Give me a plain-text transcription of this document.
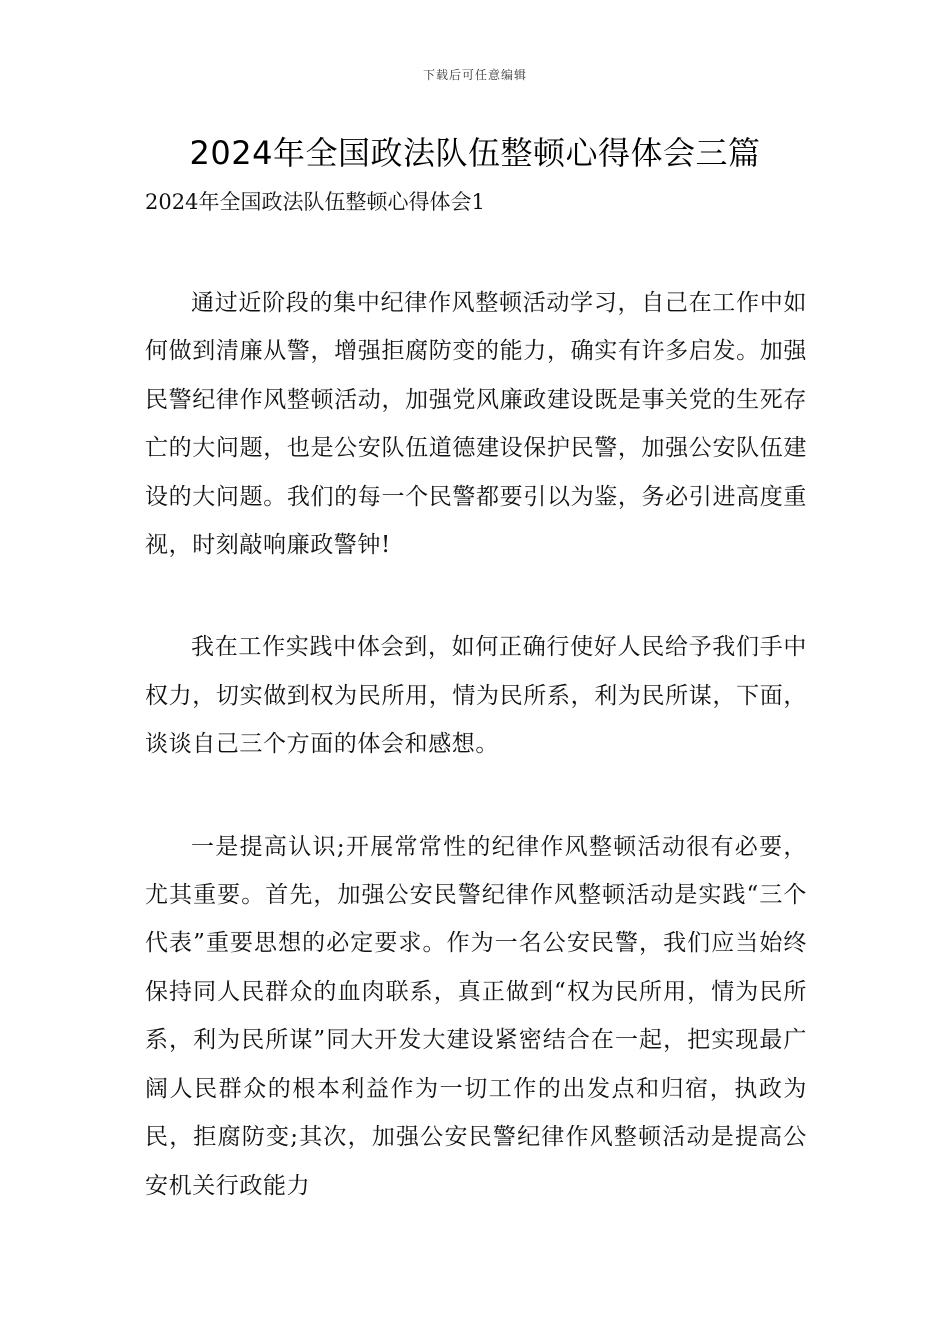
下载后可任意编辑
2024年全国政法队伍整顿心得体会三篇

2024年全国政法队伍整顿心得体会1

通过近阶段的集中纪律作风整顿活动学习，自己在工作中如何做到清廉从警，增强拒腐防变的能力，确实有许多启发。加强民警纪律作风整顿活动，加强党风廉政建设既是事关党的生死存亡的大问题，也是公安队伍道德建设保护民警，加强公安队伍建设的大问题。我们的每一个民警都要引以为鉴，务必引进高度重视，时刻敲响廉政警钟!

我在工作实践中体会到，如何正确行使好人民给予我们手中权力，切实做到权为民所用，情为民所系，利为民所谋，下面，谈谈自己三个方面的体会和感想。

一是提高认识;开展常常性的纪律作风整顿活动很有必要，尤其重要。首先，加强公安民警纪律作风整顿活动是实践“三个代表”重要思想的必定要求。作为一名公安民警，我们应当始终保持同人民群众的血肉联系，真正做到“权为民所用，情为民所系，利为民所谋”同大开发大建设紧密结合在一起，把实现最广阔人民群众的根本利益作为一切工作的出发点和归宿，执政为民，拒腐防变;其次，加强公安民警纪律作风整顿活动是提高公安机关行政能力
